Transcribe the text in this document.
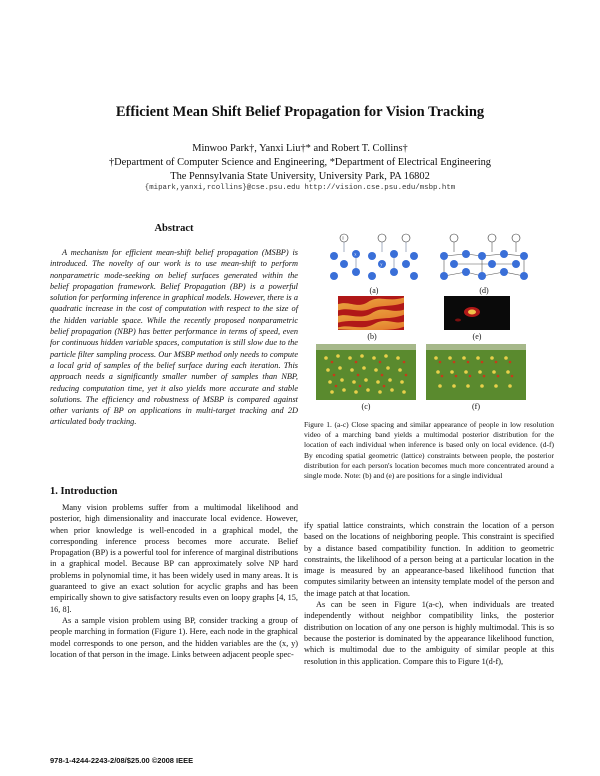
Efficient Mean Shift Belief Propagation for Vision Tracking
Minwoo Park†, Yanxi Liu†* and Robert T. Collins†
†Department of Computer Science and Engineering, *Department of Electrical Engineering
The Pennsylvania State University, University Park, PA 16802
{mipark,yanxi,rcollins}@cse.psu.edu http://vision.cse.psu.edu/msbp.htm
Abstract

A mechanism for efficient mean-shift belief propagation (MSBP) is introduced. The novelty of our work is to use mean-shift to perform nonparametric mode-seeking on belief surfaces generated within the belief propagation framework. Belief Propagation (BP) is a powerful solution for performing inference in graphical models. However, there is a quadratic increase in the cost of computation with respect to the size of the hidden variable space. While the recently proposed nonparametric belief propagation (NBP) has better performance in terms of speed, even for continuous hidden variable spaces, computation is still slow due to the particle filter sampling process. Our MSBP method only needs to compute a local grid of samples of the belief surface during each iteration. This approach needs a significantly smaller number of samples than NBP, reducing computation time, yet it also yields more accurate and stable solutions. The efficiency and robustness of MSBP is compared against other variants of BP on applications in multi-target tracking and 2D articulated body tracking.

1. Introduction

Many vision problems suffer from a multimodal likelihood and posterior, high dimensionality and inaccurate local evidence. However, when prior knowledge is well-encoded in a graphical model, the corresponding inference process becomes more accurate. Belief Propagation (BP) is a powerful tool for inference of marginal distributions in a graphical model. Because BP can approximately solve NP hard problems in polynomial time, it has been widely used in many areas. It is guaranteed to give an exact solution for acyclic graphs and has been empirically shown to give satisfactory results even on loopy graphs [4, 15, 16, 8].

As a sample vision problem using BP, consider tracking a group of people marching in formation (Figure 1). Here, each node in the graphical model corresponds to one person, and the hidden variables are the (x, y) location of that person in the image. Links between adjacent people spec-

I
x
y
(a)	(d)
(b)	(e)
(c)	(f)
Figure 1. (a-c) Close spacing and similar appearance of people in low resolution video of a marching band yields a multimodal posterior distribution for the location of each individual when inference is based only on local evidence. (d-f) By encoding spatial geometric (lattice) constraints between people, the posterior distribution for each person's location becomes much more concentrated around a single mode. Note: (b) and (e) are positions for a single individual

ify spatial lattice constraints, which constrain the location of a person based on the locations of neighboring people. This constraint is specified by a distance based compatibility function. In addition to geometric constraints, the likelihood of a person being at a particular location in the image is measured by an appearance-based likelihood function that computes similarity between an intensity template model of the person and the image patch at that location.

As can be seen in Figure 1(a-c), when individuals are treated independently without neighbor compatibility links, the posterior distribution on location of any one person is highly multimodal. This is so because the posterior is dominated by the appearance likelihood function, which is multimodal due to the ambiguity of similar people at this resolution in this application. Compare this to Figure 1(d-f),

978-1-4244-2243-2/08/$25.00 ©2008 IEEE
